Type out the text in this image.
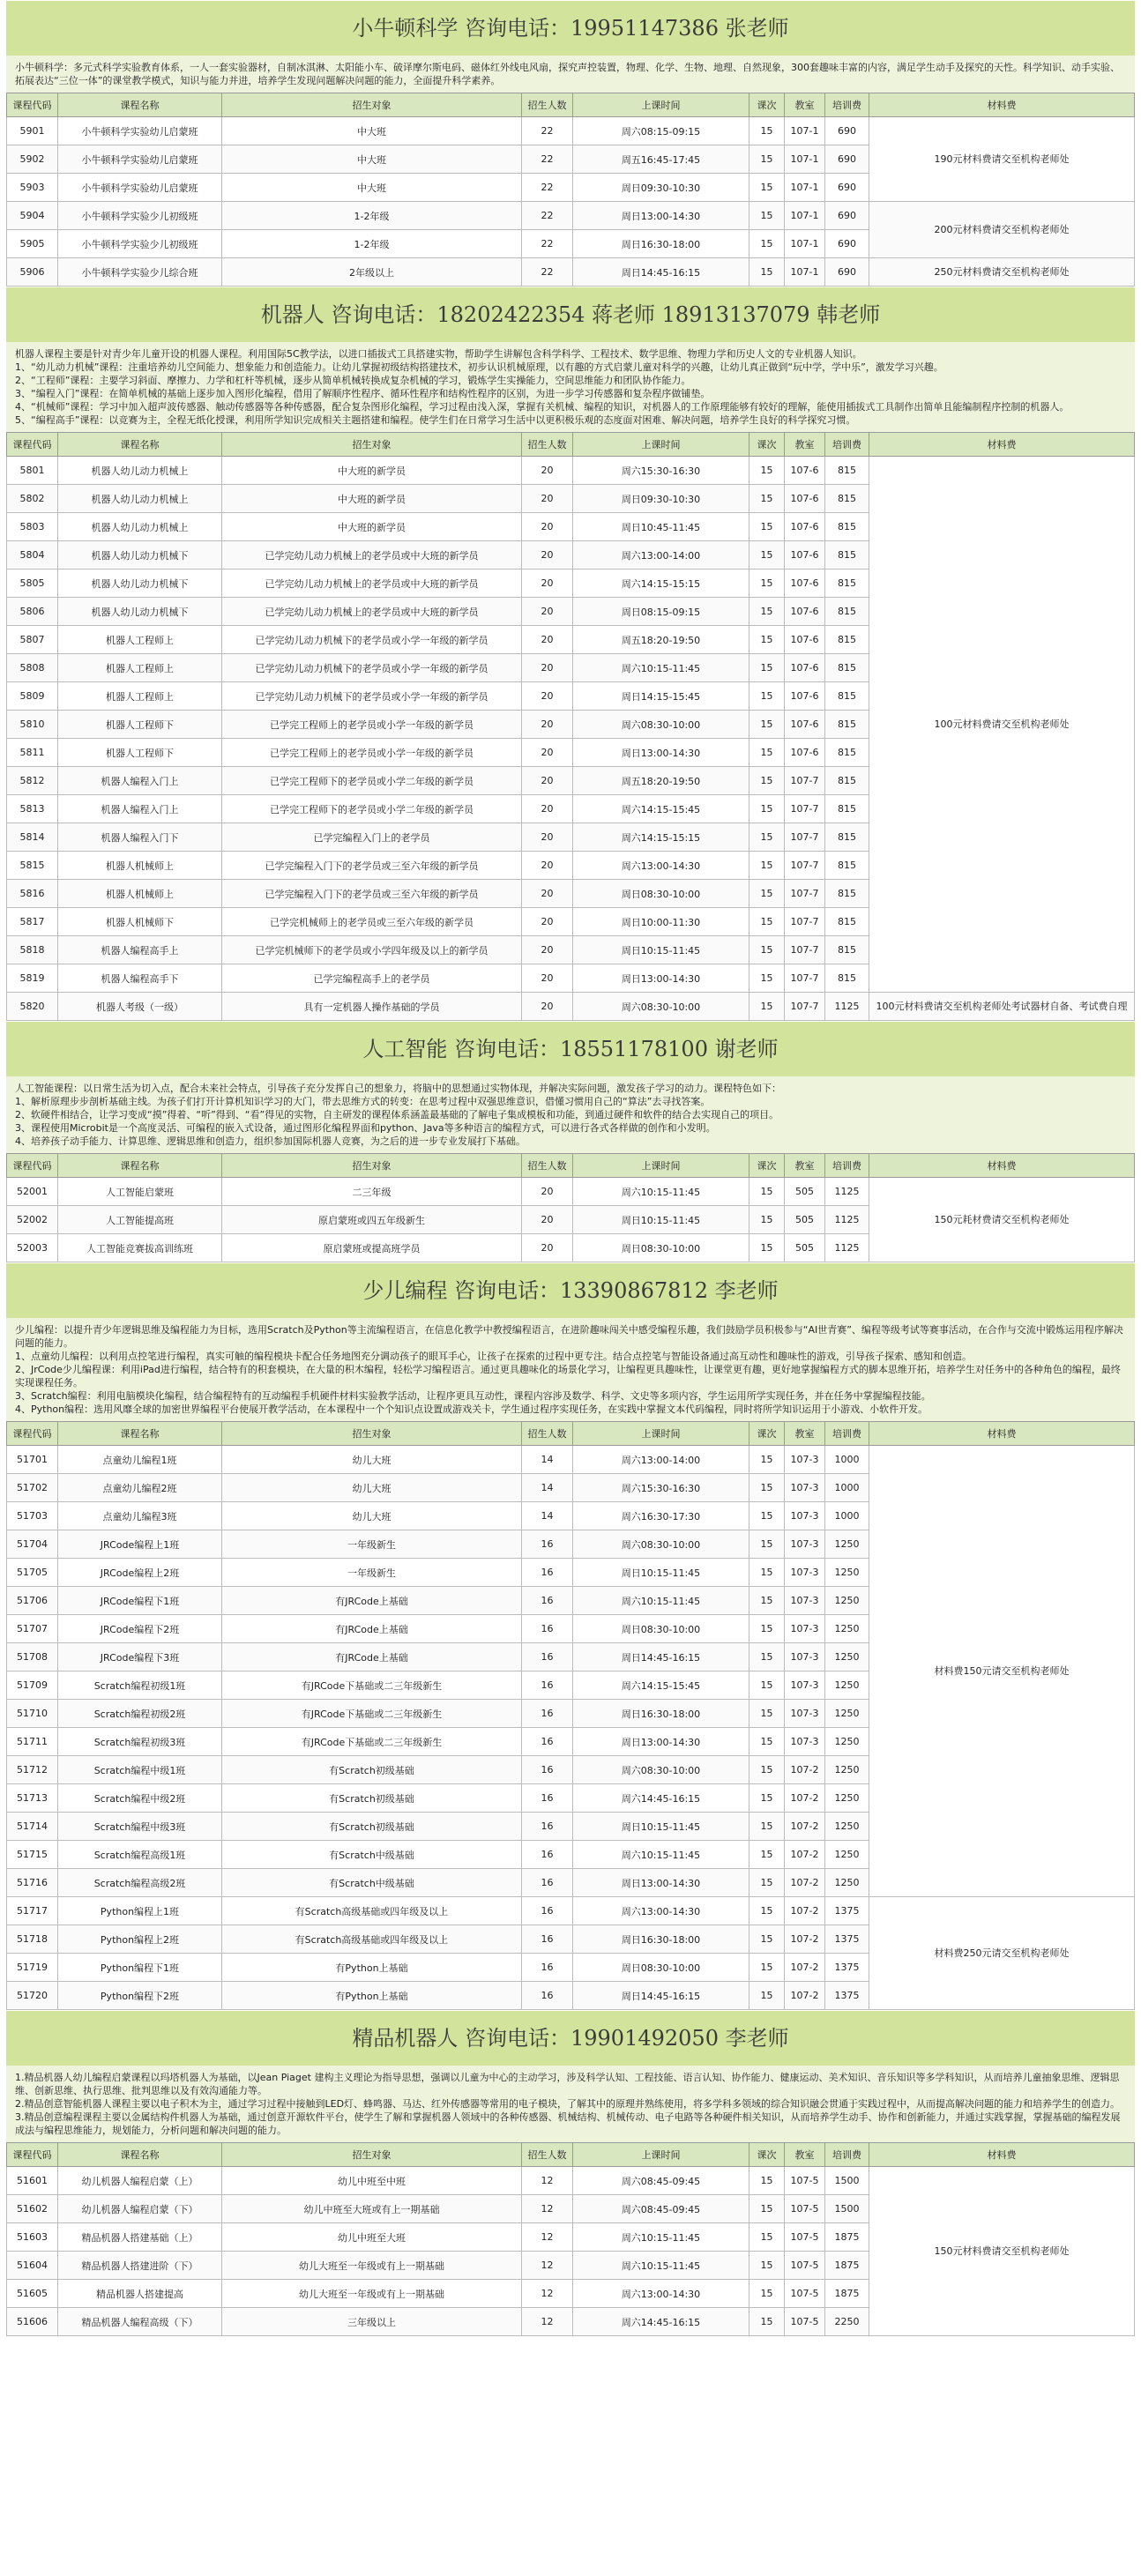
小牛顿科学 咨询电话：19951147386 张老师
小牛顿科学：多元式科学实验教育体系，一人一套实验器材，自制冰淇淋、太阳能小车、破译摩尔斯电码、磁体红外线电风扇，探究声控装置，物理、化学、生物、地理、自然现象，300套趣味丰富的内容，满足学生动手及探究的天性。科学知识、动手实验、拓展表达“三位一体”的课堂教学模式，知识与能力并进，培养学生发现问题解决问题的能力，全面提升科学素养。
课程代码	课程名称	招生对象	招生人数	上课时间	课次	教室	培训费	材料费
5901	小牛顿科学实验幼儿启蒙班	中大班	22	周六08:15-09:15	15	107-1	690	190元材料费请交至机构老师处
5902	小牛顿科学实验幼儿启蒙班	中大班	22	周五16:45-17:45	15	107-1	690	
5903	小牛顿科学实验幼儿启蒙班	中大班	22	周日09:30-10:30	15	107-1	690	
5904	小牛顿科学实验少儿初级班	1-2年级	22	周日13:00-14:30	15	107-1	690	200元材料费请交至机构老师处
5905	小牛顿科学实验少儿初级班	1-2年级	22	周日16:30-18:00	15	107-1	690	
5906	小牛顿科学实验少儿综合班	2年级以上	22	周日14:45-16:15	15	107-1	690	250元材料费请交至机构老师处
机器人 咨询电话：18202422354 蒋老师 18913137079 韩老师
机器人课程主要是针对青少年儿童开设的机器人课程。利用国际5C教学法，以进口插拔式工具搭建实物，帮助学生讲解包含科学科学、工程技术、数学思维、物理力学和历史人文的专业机器人知识。
1、“幼儿动力机械”课程：注重培养幼儿空间能力、想象能力和创造能力。让幼儿掌握初级结构搭建技术，初步认识机械原理，以有趣的方式启蒙儿童对科学的兴趣，让幼儿真正做到“玩中学，学中乐”，激发学习兴趣。
2、“工程师”课程：主要学习斜面、摩擦力、力学和杠杆等机械，逐步从简单机械转换成复杂机械的学习，锻炼学生实操能力，空间思维能力和团队协作能力。
3、“编程入门”课程：在简单机械的基础上逐步加入图形化编程，借用了解顺序性程序、循环性程序和结构性程序的区别，为进一步学习传感器和复杂程序做铺垫。
4、“机械师”课程：学习中加入超声波传感器、触动传感器等各种传感器，配合复杂图形化编程，学习过程由浅入深，掌握有关机械、编程的知识，对机器人的工作原理能够有较好的理解，能使用插拔式工具制作出简单且能编制程序控制的机器人。
5、“编程高手”课程：以竞赛为主，全程无纸化授课，利用所学知识完成相关主题搭建和编程。使学生们在日常学习生活中以更积极乐观的态度面对困难、解决问题，培养学生良好的科学探究习惯。
课程代码	课程名称	招生对象	招生人数	上课时间	课次	教室	培训费	材料费
5801	机器人幼儿动力机械上	中大班的新学员	20	周六15:30-16:30	15	107-6	815	100元材料费请交至机构老师处
5802	机器人幼儿动力机械上	中大班的新学员	20	周日09:30-10:30	15	107-6	815	
5803	机器人幼儿动力机械上	中大班的新学员	20	周日10:45-11:45	15	107-6	815	
5804	机器人幼儿动力机械下	已学完幼儿动力机械上的老学员或中大班的新学员	20	周六13:00-14:00	15	107-6	815	
5805	机器人幼儿动力机械下	已学完幼儿动力机械上的老学员或中大班的新学员	20	周六14:15-15:15	15	107-6	815	
5806	机器人幼儿动力机械下	已学完幼儿动力机械上的老学员或中大班的新学员	20	周日08:15-09:15	15	107-6	815	
5807	机器人工程师上	已学完幼儿动力机械下的老学员或小学一年级的新学员	20	周五18:20-19:50	15	107-6	815	
5808	机器人工程师上	已学完幼儿动力机械下的老学员或小学一年级的新学员	20	周六10:15-11:45	15	107-6	815	
5809	机器人工程师上	已学完幼儿动力机械下的老学员或小学一年级的新学员	20	周日14:15-15:45	15	107-6	815	
5810	机器人工程师下	已学完工程师上的老学员或小学一年级的新学员	20	周六08:30-10:00	15	107-6	815	
5811	机器人工程师下	已学完工程师上的老学员或小学一年级的新学员	20	周日13:00-14:30	15	107-6	815	
5812	机器人编程入门上	已学完工程师下的老学员或小学二年级的新学员	20	周五18:20-19:50	15	107-7	815	
5813	机器人编程入门上	已学完工程师下的老学员或小学二年级的新学员	20	周六14:15-15:45	15	107-7	815	
5814	机器人编程入门下	已学完编程入门上的老学员	20	周六14:15-15:15	15	107-7	815	
5815	机器人机械师上	已学完编程入门下的老学员或三至六年级的新学员	20	周六13:00-14:30	15	107-7	815	
5816	机器人机械师上	已学完编程入门下的老学员或三至六年级的新学员	20	周日08:30-10:00	15	107-7	815	
5817	机器人机械师下	已学完机械师上的老学员或三至六年级的新学员	20	周日10:00-11:30	15	107-7	815	
5818	机器人编程高手上	已学完机械师下的老学员或小学四年级及以上的新学员	20	周日10:15-11:45	15	107-7	815	
5819	机器人编程高手下	已学完编程高手上的老学员	20	周日13:00-14:30	15	107-7	815	
5820	机器人考级（一级）	具有一定机器人操作基础的学员	20	周六08:30-10:00	15	107-7	1125	100元材料费请交至机构老师处考试器材自备、考试费自理
人工智能 咨询电话：18551178100 谢老师
人工智能课程：以日常生活为切入点，配合未来社会特点，引导孩子充分发挥自己的想象力，将脑中的思想通过实物体现，并解决实际问题，激发孩子学习的动力。课程特色如下：
1、解析原理步步剖析基础主线。为孩子们打开计算机知识学习的大门，带去思维方式的转变：在思考过程中双强思维意识，借懂习惯用自己的“算法”去寻找答案。
2、软硬件相结合，让学习变成“摸”得着、“听”得到、“看”得见的实物，自主研发的课程体系涵盖最基础的了解电子集成模板和功能，到通过硬件和软件的结合去实现自己的项目。
3、课程使用Microbit是一个高度灵活、可编程的嵌入式设备，通过图形化编程界面和python、Java等多种语言的编程方式，可以进行各式各样做的创作和小发明。
4、培养孩子动手能力、计算思维、逻辑思维和创造力，组织参加国际机器人竞赛，为之后的进一步专业发展打下基础。
课程代码	课程名称	招生对象	招生人数	上课时间	课次	教室	培训费	材料费
52001	人工智能启蒙班	二三年级	20	周六10:15-11:45	15	505	1125	150元耗材费请交至机构老师处
52002	人工智能提高班	原启蒙班或四五年级新生	20	周日10:15-11:45	15	505	1125	
52003	人工智能竞赛拔高训练班	原启蒙班或提高班学员	20	周日08:30-10:00	15	505	1125	
少儿编程 咨询电话：13390867812 李老师
少儿编程：以提升青少年逻辑思维及编程能力为目标，选用Scratch及Python等主流编程语言，在信息化教学中教授编程语言，在进阶趣味闯关中感受编程乐趣，我们鼓励学员积极参与“AI世青赛”、编程等级考试等赛事活动，在合作与交流中锻炼运用程序解决问题的能力。
1、点童幼儿编程：以利用点控笔进行编程，真实可触的编程模块卡配合任务地图充分调动孩子的眼耳手心，让孩子在探索的过程中更专注。结合点控笔与智能设备通过高互动性和趣味性的游戏，引导孩子探索、感知和创造。
2、JrCode少儿编程课：利用iPad进行编程，结合特有的积套模块，在大量的积木编程，轻松学习编程语言。通过更具趣味化的场景化学习，让编程更具趣味性，让课堂更有趣，更好地掌握编程方式的脚本思维开拓，培养学生对任务中的各种角色的编程，最终实现课程任务。
3、Scratch编程：利用电脑模块化编程，结合编程特有的互动编程手机硬件材料实验教学活动，让程序更具互动性，课程内容涉及数学、科学、文史等多项内容，学生运用所学实现任务，并在任务中掌握编程技能。
4、Python编程：选用风靡全球的加密世界编程平台使展开教学活动，在本课程中一个个知识点设置成游戏关卡，学生通过程序实现任务，在实践中掌握文本代码编程，同时将所学知识运用于小游戏、小软件开发。
课程代码	课程名称	招生对象	招生人数	上课时间	课次	教室	培训费	材料费
51701	点童幼儿编程1班	幼儿大班	14	周六13:00-14:00	15	107-3	1000	材料费150元请交至机构老师处
51702	点童幼儿编程2班	幼儿大班	14	周六15:30-16:30	15	107-3	1000	
51703	点童幼儿编程3班	幼儿大班	14	周六16:30-17:30	15	107-3	1000	
51704	JRCode编程上1班	一年级新生	16	周六08:30-10:00	15	107-3	1250	
51705	JRCode编程上2班	一年级新生	16	周日10:15-11:45	15	107-3	1250	
51706	JRCode编程下1班	有JRCode上基础	16	周六10:15-11:45	15	107-3	1250	
51707	JRCode编程下2班	有JRCode上基础	16	周日08:30-10:00	15	107-3	1250	
51708	JRCode编程下3班	有JRCode上基础	16	周日14:45-16:15	15	107-3	1250	
51709	Scratch编程初级1班	有JRCode下基础或二三年级新生	16	周六14:15-15:45	15	107-3	1250	
51710	Scratch编程初级2班	有JRCode下基础或二三年级新生	16	周日16:30-18:00	15	107-3	1250	
51711	Scratch编程初级3班	有JRCode下基础或二三年级新生	16	周日13:00-14:30	15	107-3	1250	
51712	Scratch编程中级1班	有Scratch初级基础	16	周六08:30-10:00	15	107-2	1250	
51713	Scratch编程中级2班	有Scratch初级基础	16	周六14:45-16:15	15	107-2	1250	
51714	Scratch编程中级3班	有Scratch初级基础	16	周日10:15-11:45	15	107-2	1250	
51715	Scratch编程高级1班	有Scratch中级基础	16	周六10:15-11:45	15	107-2	1250	
51716	Scratch编程高级2班	有Scratch中级基础	16	周日13:00-14:30	15	107-2	1250	
51717	Python编程上1班	有Scratch高级基础或四年级及以上	16	周六13:00-14:30	15	107-2	1375	材料费250元请交至机构老师处
51718	Python编程上2班	有Scratch高级基础或四年级及以上	16	周日16:30-18:00	15	107-2	1375	
51719	Python编程下1班	有Python上基础	16	周日08:30-10:00	15	107-2	1375	
51720	Python编程下2班	有Python上基础	16	周日14:45-16:15	15	107-2	1375	
精品机器人 咨询电话：19901492050 李老师
1.精品机器人幼儿编程启蒙课程以玛塔机器人为基础，以Jean Piaget 建构主义理论为指导思想，强调以儿童为中心的主动学习，涉及科学认知、工程技能、语言认知、协作能力、健康运动、美术知识、音乐知识等多学科知识，从而培养儿童抽象思维、逻辑思维、创新思维、执行思维、批判思维以及有效沟通能力等。
2.精品创意智能机器人课程主要以电子积木为主，通过学习过程中接触到LED灯、蜂鸣器、马达、红外传感器等常用的电子模块，了解其中的原理并熟练使用，将多学科多领域的综合知识融会贯通于实践过程中，从而提高解决问题的能力和培养学生的创造力。
3.精品创意编程课程主要以金属结构件机器人为基础，通过创意开源软件平台，使学生了解和掌握机器人领域中的各种传感器、机械结构、机械传动、电子电路等各种硬件相关知识，从而培养学生动手、协作和创新能力，并通过实践掌握，掌握基础的编程发展成法与编程思维能力，规划能力，分析问题和解决问题的能力。
课程代码	课程名称	招生对象	招生人数	上课时间	课次	教室	培训费	材料费
51601	幼儿机器人编程启蒙（上）	幼儿中班至中班	12	周六08:45-09:45	15	107-5	1500	150元材料费请交至机构老师处
51602	幼儿机器人编程启蒙（下）	幼儿中班至大班或有上一期基础	12	周六08:45-09:45	15	107-5	1500	
51603	精品机器人搭建基础（上）	幼儿中班至大班	12	周六10:15-11:45	15	107-5	1875	
51604	精品机器人搭建进阶（下）	幼儿大班至一年级或有上一期基础	12	周六10:15-11:45	15	107-5	1875	
51605	精品机器人搭建提高	幼儿大班至一年级或有上一期基础	12	周六13:00-14:30	15	107-5	1875	
51606	精品机器人编程高级（下）	三年级以上	12	周六14:45-16:15	15	107-5	2250	
